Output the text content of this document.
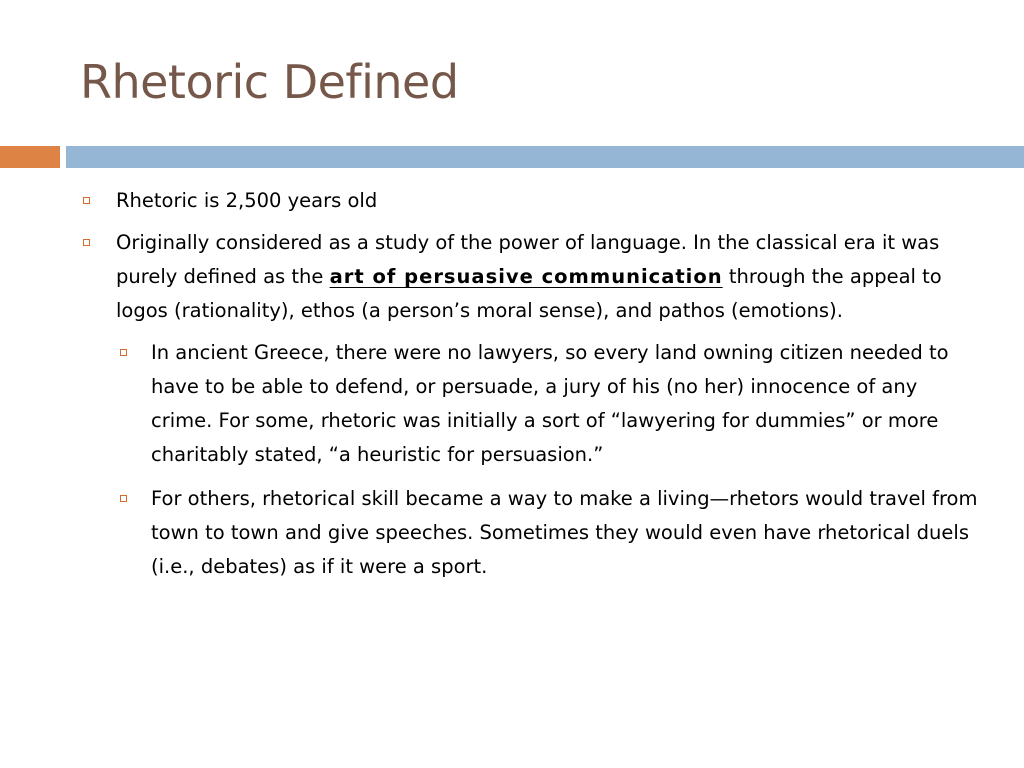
Rhetoric Defined
Rhetoric is 2,500 years old
Originally considered as a study of the power of language. In the classical era it was purely defined as the art of persuasive communication through the appeal to logos (rationality), ethos (a person’s moral sense), and pathos (emotions).
In ancient Greece, there were no lawyers, so every land owning citizen needed to have to be able to defend, or persuade, a jury of his (no her) innocence of any crime. For some, rhetoric was initially a sort of “lawyering for dummies” or more charitably stated, “a heuristic for persuasion.”
For others, rhetorical skill became a way to make a living—rhetors would travel from town to town and give speeches. Sometimes they would even have rhetorical duels (i.e., debates) as if it were a sport.
